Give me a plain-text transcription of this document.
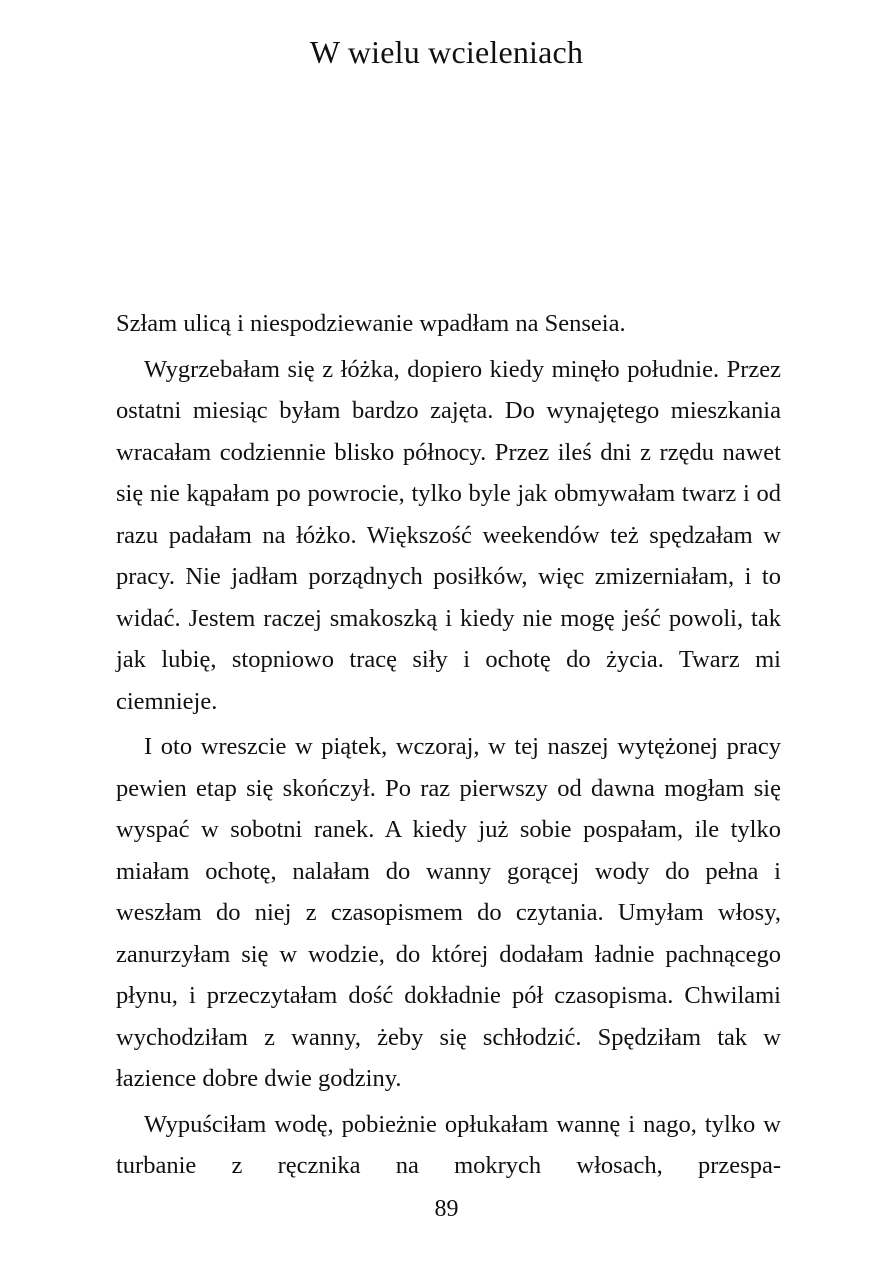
W wielu wcieleniach

Szłam ulicą i niespodziewanie wpadłam na Senseia.

Wygrzebałam się z łóżka, dopiero kiedy minęło południe. Przez ostatni miesiąc byłam bardzo zajęta. Do wynajętego mieszkania wracałam codziennie blisko północy. Przez ileś dni z rzędu nawet się nie kąpałam po powrocie, tylko byle jak obmywałam twarz i od razu padałam na łóżko. Większość weekendów też spędzałam w pracy. Nie jadłam porządnych posiłków, więc zmizerniałam, i to widać. Jestem raczej smakoszką i kiedy nie mogę jeść powoli, tak jak lubię, stopniowo tracę siły i ochotę do życia. Twarz mi ciemnieje.

I oto wreszcie w piątek, wczoraj, w tej naszej wytężonej pracy pewien etap się skończył. Po raz pierwszy od dawna mogłam się wyspać w sobotni ranek. A kiedy już sobie pospałam, ile tylko miałam ochotę, nalałam do wanny gorącej wody do pełna i weszłam do niej z czasopismem do czytania. Umyłam włosy, zanurzyłam się w wodzie, do której dodałam ładnie pachnącego płynu, i przeczytałam dość dokładnie pół czasopisma. Chwilami wychodziłam z wanny, żeby się schłodzić. Spędziłam tak w łazience dobre dwie godziny.

Wypuściłam wodę, pobieżnie opłukałam wannę i nago, tylko w turbanie z ręcznika na mokrych włosach, przespa-

89
